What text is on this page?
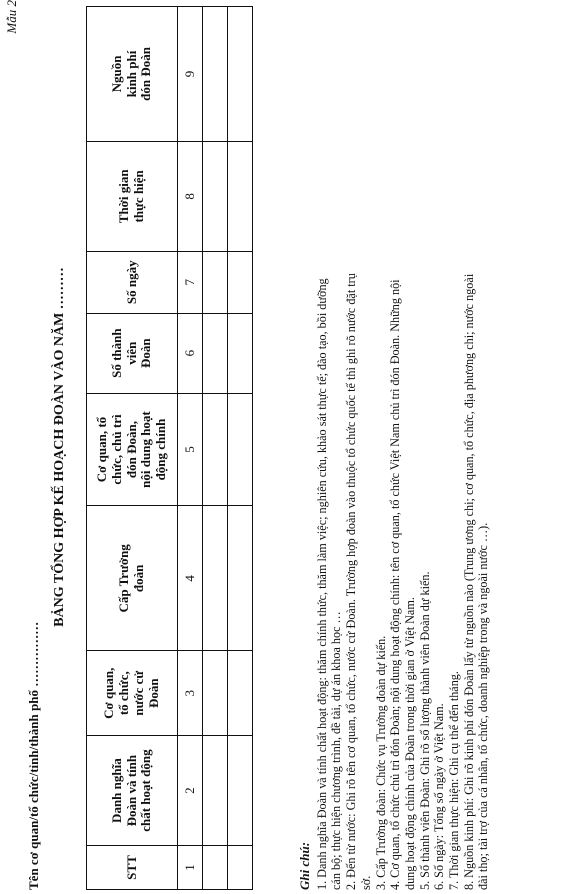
Mẫu 2
Tên cơ quan/tổ chức/tỉnh/thành phố ……………
BẢNG TỔNG HỢP KẾ HOẠCH ĐOÀN VÀO NĂM ………
STT	Danh nghĩa
Đoàn và tính
chất hoạt động	Cơ quan,
tổ chức,
nước cử
Đoàn	Cấp Trưởng
đoàn	Cơ quan, tổ
chức, chủ trì
đón Đoàn,
nội dung hoạt
động chính	Số thành
viên
Đoàn	Số ngày	Thời gian
thực hiện	Nguồn
kinh phí
đón Đoàn
1	2	3	4	5	6	7	8	9

Ghi chú: 1. Danh nghĩa Đoàn và tính chất hoạt động: thăm chính thức, thăm làm việc; nghiên cứu, khảo sát thực tế; đào tạo, bồi dưỡng cán bộ; thực hiện chương trình, đề tài, dự án khoa học … 2. Đến từ nước: Ghi rõ tên cơ quan, tổ chức, nước cử Đoàn. Trường hợp đoàn vào thuộc tổ chức quốc tế thì ghi rõ nước đặt trụ sở. 3. Cấp Trưởng đoàn: Chức vụ Trưởng đoàn dự kiến. 4. Cơ quan, tổ chức chủ trì đón Đoàn; nội dung hoạt động chính: tên cơ quan, tổ chức Việt Nam chủ trì đón Đoàn. Những nội dung hoạt động chính của Đoàn trong thời gian ở Việt Nam. 5. Số thành viên Đoàn: Ghi rõ số lượng thành viên Đoàn dự kiến. 6. Số ngày: Tổng số ngày ở Việt Nam. 7. Thời gian thực hiện: Ghi cụ thể đến tháng. 8. Nguồn kinh phí: Ghi rõ kinh phí đón Đoàn lấy từ nguồn nào (Trung ương chi; cơ quan, tổ chức, địa phương chi; nước ngoài đài thọ; tài trợ của cá nhân, tổ chức, doanh nghiệp trong và ngoài nước …).
